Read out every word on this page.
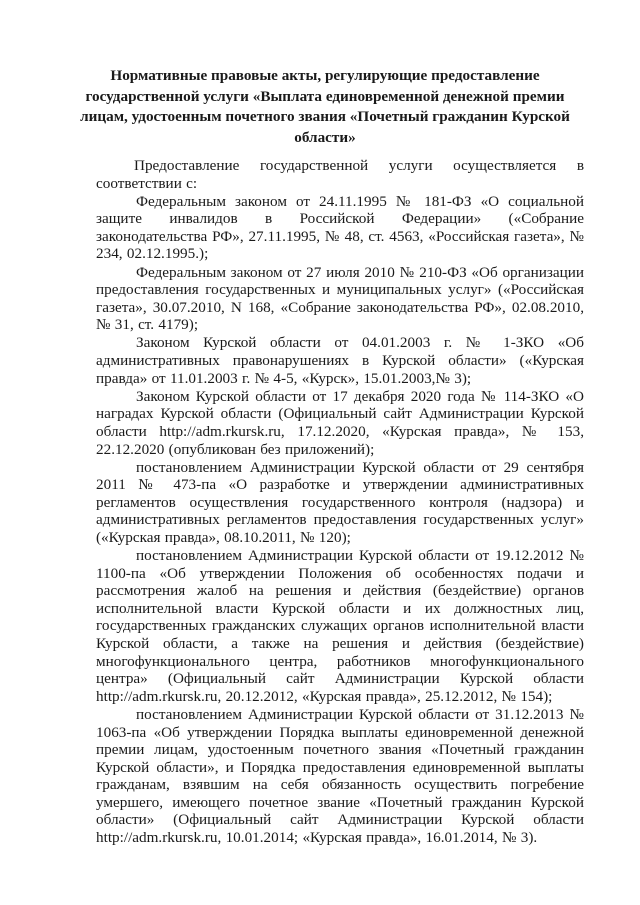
Нормативные правовые акты, регулирующие предоставление государственной услуги «Выплата единовременной денежной премии лицам, удостоенным почетного звания «Почетный гражданин Курской области»

Предоставление государственной услуги осуществляется в соответствии с:

Федеральным законом от 24.11.1995 № 181-ФЗ «О социальной защите инвалидов в Российской Федерации» («Собрание законодательства РФ», 27.11.1995, № 48, ст. 4563, «Российская газета», № 234, 02.12.1995.);

Федеральным законом от 27 июля 2010 № 210-ФЗ «Об организации предоставления государственных и муниципальных услуг» («Российская газета», 30.07.2010, N 168, «Собрание законодательства РФ», 02.08.2010, № 31, ст. 4179);

Законом Курской области от 04.01.2003 г. № 1-ЗКО «Об административных правонарушениях в Курской области» («Курская правда» от 11.01.2003 г. № 4-5, «Курск», 15.01.2003,№ 3);

Законом Курской области от 17 декабря 2020 года № 114-ЗКО «О наградах Курской области (Официальный сайт Администрации Курской области http://adm.rkursk.ru, 17.12.2020, «Курская правда», № 153, 22.12.2020 (опубликован без приложений);

постановлением Администрации Курской области от 29 сентября 2011 № 473-па «О разработке и утверждении административных регламентов осуществления государственного контроля (надзора) и административных регламентов предоставления государственных услуг» («Курская правда», 08.10.2011, № 120);

постановлением Администрации Курской области от 19.12.2012 № 1100-па «Об утверждении Положения об особенностях подачи и рассмотрения жалоб на решения и действия (бездействие) органов исполнительной власти Курской области и их должностных лиц, государственных гражданских служащих органов исполнительной власти Курской области, а также на решения и действия (бездействие) многофункционального центра, работников многофункционального центра» (Официальный сайт Администрации Курской области http://adm.rkursk.ru, 20.12.2012, «Курская правда», 25.12.2012, № 154);

постановлением Администрации Курской области от 31.12.2013 № 1063-па «Об утверждении Порядка выплаты единовременной денежной премии лицам, удостоенным почетного звания «Почетный гражданин Курской области», и Порядка предоставления единовременной выплаты гражданам, взявшим на себя обязанность осуществить погребение умершего, имеющего почетное звание «Почетный гражданин Курской области» (Официальный сайт Администрации Курской области http://adm.rkursk.ru, 10.01.2014; «Курская правда», 16.01.2014, № 3).
